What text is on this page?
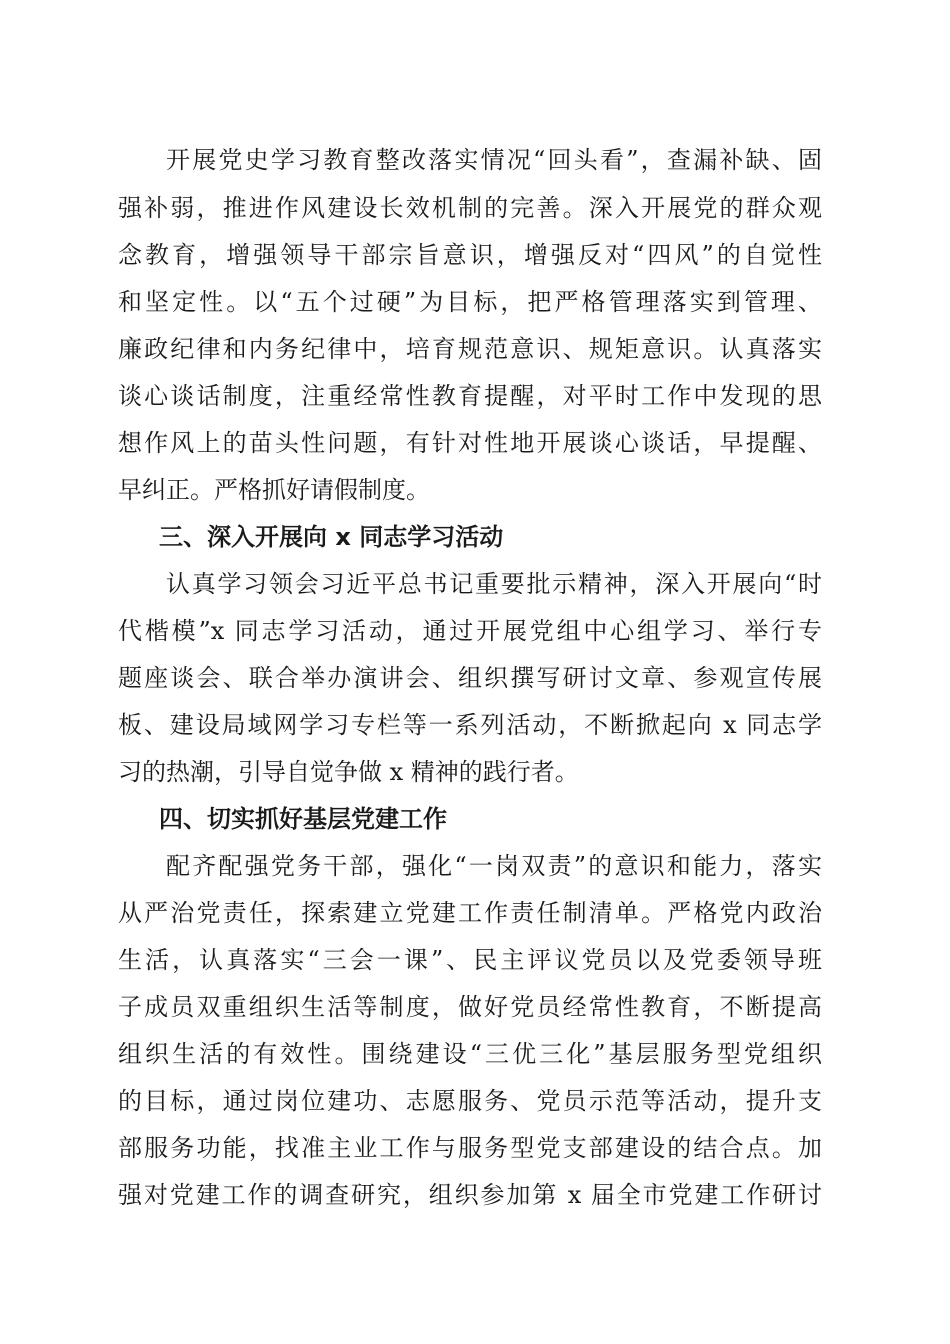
开展党史学习教育整改落实情况“回头看”，查漏补缺、固
强补弱，推进作风建设长效机制的完善。深入开展党的群众观
念教育，增强领导干部宗旨意识，增强反对“四风”的自觉性
和坚定性。以“五个过硬”为目标，把严格管理落实到管理、
廉政纪律和内务纪律中，培育规范意识、规矩意识。认真落实
谈心谈话制度，注重经常性教育提醒，对平时工作中发现的思
想作风上的苗头性问题，有针对性地开展谈心谈话，早提醒、
早纠正。严格抓好请假制度。
三、深入开展向 x 同志学习活动
认真学习领会习近平总书记重要批示精神，深入开展向“时
代楷模”x 同志学习活动，通过开展党组中心组学习、举行专
题座谈会、联合举办演讲会、组织撰写研讨文章、参观宣传展
板、建设局域网学习专栏等一系列活动，不断掀起向 x 同志学
习的热潮，引导自觉争做 x 精神的践行者。
四、切实抓好基层党建工作
配齐配强党务干部，强化“一岗双责”的意识和能力，落实
从严治党责任，探索建立党建工作责任制清单。严格党内政治
生活，认真落实“三会一课”、民主评议党员以及党委领导班
子成员双重组织生活等制度，做好党员经常性教育，不断提高
组织生活的有效性。围绕建设“三优三化”基层服务型党组织
的目标，通过岗位建功、志愿服务、党员示范等活动，提升支
部服务功能，找准主业工作与服务型党支部建设的结合点。加
强对党建工作的调查研究，组织参加第 x 届全市党建工作研讨
